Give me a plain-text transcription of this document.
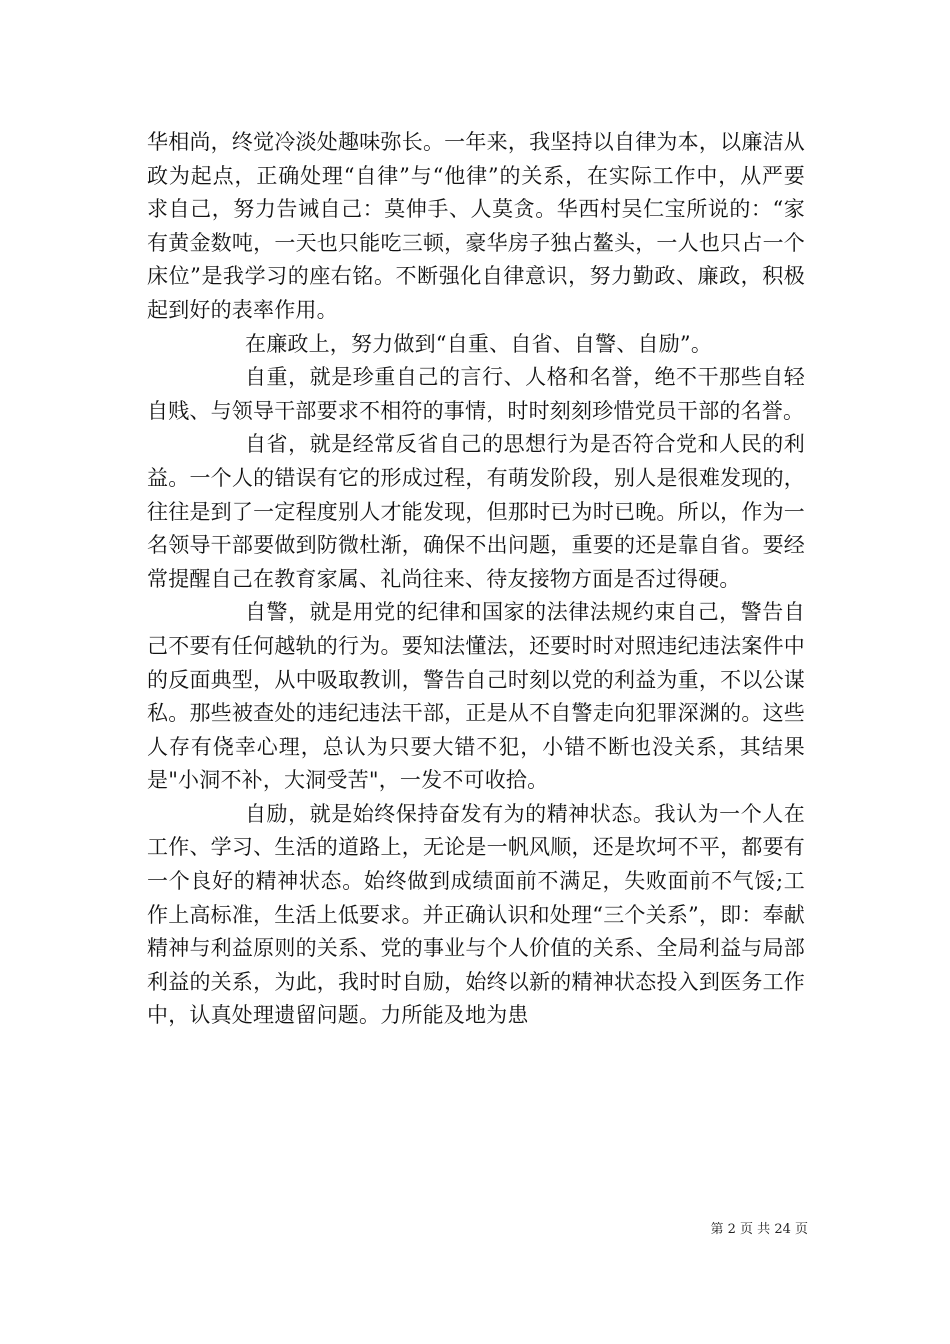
华相尚，终觉冷淡处趣味弥长。一年来，我坚持以自律为本，以廉洁从政为起点，正确处理“自律”与“他律”的关系，在实际工作中，从严要求自己，努力告诫自己：莫伸手、人莫贪。华西村吴仁宝所说的：“家有黄金数吨，一天也只能吃三顿，豪华房子独占鳌头，一人也只占一个床位”是我学习的座右铭。不断强化自律意识，努力勤政、廉政，积极起到好的表率作用。

在廉政上，努力做到“自重、自省、自警、自励”。

自重，就是珍重自己的言行、人格和名誉，绝不干那些自轻自贱、与领导干部要求不相符的事情，时时刻刻珍惜党员干部的名誉。

自省，就是经常反省自己的思想行为是否符合党和人民的利益。一个人的错误有它的形成过程，有萌发阶段，别人是很难发现的，往往是到了一定程度别人才能发现，但那时已为时已晚。所以，作为一名领导干部要做到防微杜渐，确保不出问题，重要的还是靠自省。要经常提醒自己在教育家属、礼尚往来、待友接物方面是否过得硬。

自警，就是用党的纪律和国家的法律法规约束自己，警告自己不要有任何越轨的行为。要知法懂法，还要时时对照违纪违法案件中的反面典型，从中吸取教训，警告自己时刻以党的利益为重，不以公谋私。那些被查处的违纪违法干部，正是从不自警走向犯罪深渊的。这些人存有侥幸心理，总认为只要大错不犯，小错不断也没关系，其结果是"小洞不补，大洞受苦"，一发不可收拾。

自励，就是始终保持奋发有为的精神状态。我认为一个人在工作、学习、生活的道路上，无论是一帆风顺，还是坎坷不平，都要有一个良好的精神状态。始终做到成绩面前不满足，失败面前不气馁;工作上高标准，生活上低要求。并正确认识和处理“三个关系”，即：奉献精神与利益原则的关系、党的事业与个人价值的关系、全局利益与局部利益的关系，为此，我时时自励，始终以新的精神状态投入到医务工作中，认真处理遗留问题。力所能及地为患

第 2 页 共 24 页
